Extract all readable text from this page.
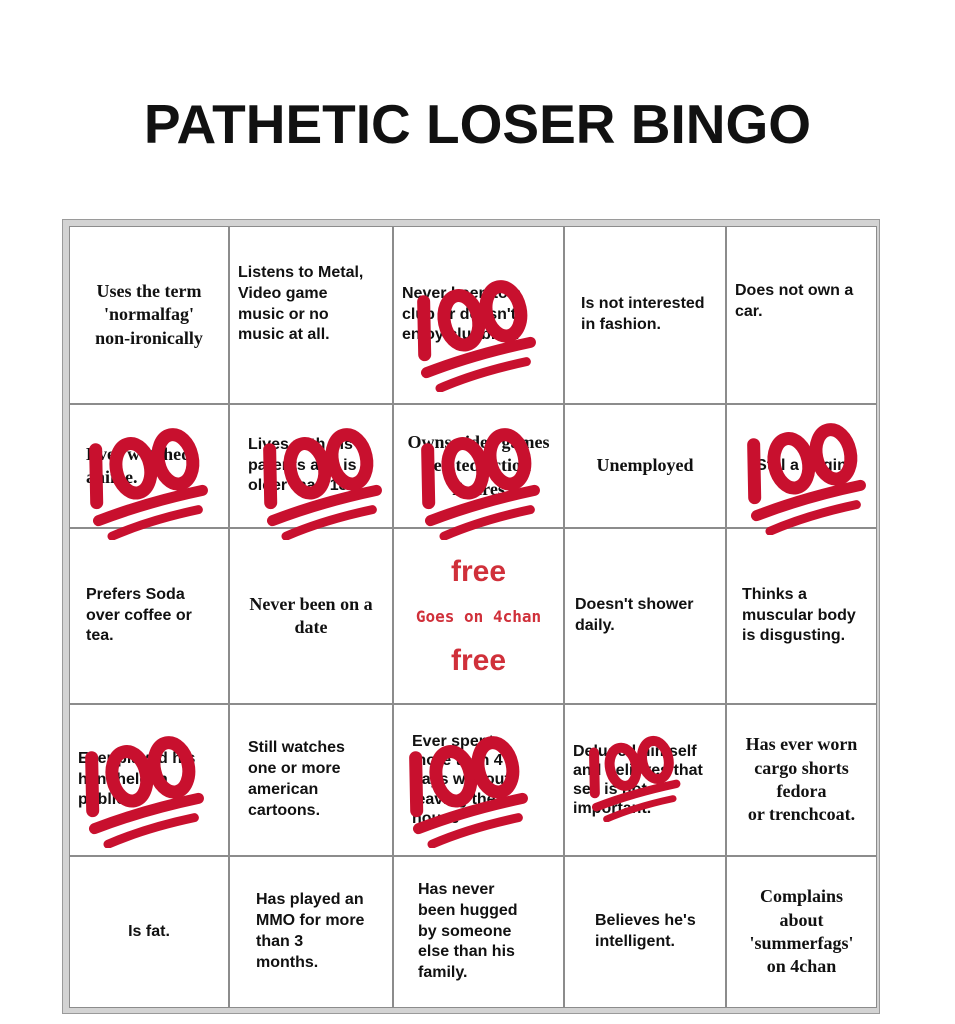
PATHETIC LOSER BINGO
Uses the term
'normalfag'
non-ironically
Listens to Metal,
Video game
music or no
music at all.
Never been to a
club or doesn't
enjoy clubbing.
Is not interested
in fashion.
Does not own a
car.
Ever watched
anime.
Lives with his
parents and is
older than 18.
Owns video games
related action
figures
Unemployed	Still a virgin
Prefers Soda
over coffee or
tea.
Never been on a
date
free
Goes on 4chan
free
Doesn't shower
daily.
Thinks a
muscular body
is disgusting.
Ever played his
handheld in
public.
Still watches
one or more
american
cartoons.
Ever spent
more than 4
days without
leaving the
house
Deluded himself
and believes that
sex is not
important.
Has ever worn
cargo shorts
fedora
or trenchcoat.
Is fat.
Has played an
MMO for more
than 3
months.
Has never
been hugged
by someone
else than his
family.
Believes he's
intelligent.
Complains
about
'summerfags'
on 4chan
